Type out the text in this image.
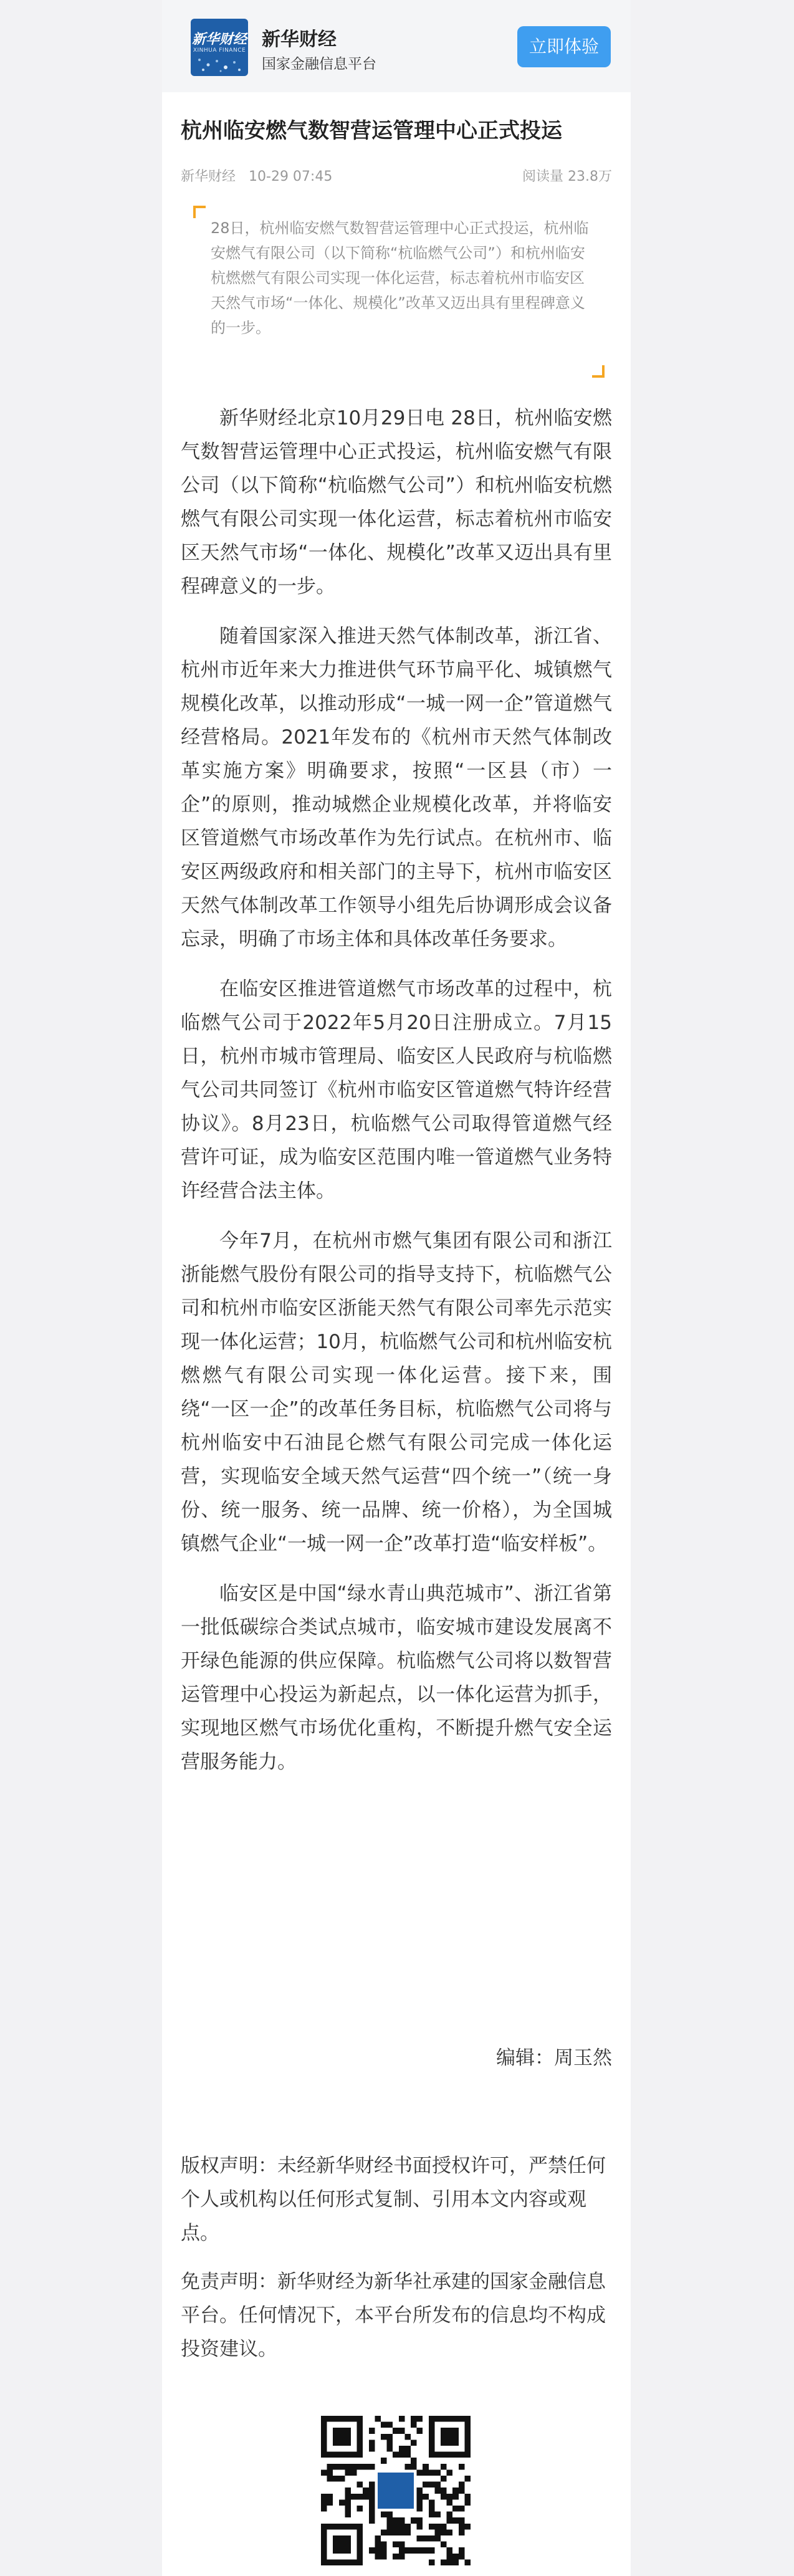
新华财经
XINHUA FINANCE 新华财经
国家金融信息平台
立即体验
杭州临安燃气数智营运管理中心正式投运
新华财经 10-29 07:45	阅读量 23.8万
28日，杭州临安燃气数智营运管理中心正式投运，杭州临安燃气有限公司（以下简称“杭临燃气公司”）和杭州临安杭燃燃气有限公司实现一体化运营，标志着杭州市临安区天然气市场“一体化、规模化”改革又迈出具有里程碑意义的一步。

新华财经北京10月29日电 28日，杭州临安燃气数智营运管理中心正式投运，杭州临安燃气有限公司（以下简称“杭临燃气公司”）和杭州临安杭燃燃气有限公司实现一体化运营，标志着杭州市临安区天然气市场“一体化、规模化”改革又迈出具有里程碑意义的一步。

随着国家深入推进天然气体制改革，浙江省、杭州市近年来大力推进供气环节扁平化、城镇燃气规模化改革，以推动形成“一城一网一企”管道燃气经营格局。2021年发布的《杭州市天然气体制改革实施方案》明确要求，按照“一区县（市）一企”的原则，推动城燃企业规模化改革，并将临安区管道燃气市场改革作为先行试点。在杭州市、临安区两级政府和相关部门的主导下，杭州市临安区天然气体制改革工作领导小组先后协调形成会议备忘录，明确了市场主体和具体改革任务要求。

在临安区推进管道燃气市场改革的过程中，杭临燃气公司于2022年5月20日注册成立。7月15日，杭州市城市管理局、临安区人民政府与杭临燃气公司共同签订《杭州市临安区管道燃气特许经营协议》。8月23日，杭临燃气公司取得管道燃气经营许可证，成为临安区范围内唯一管道燃气业务特许经营合法主体。

今年7月，在杭州市燃气集团有限公司和浙江浙能燃气股份有限公司的指导支持下，杭临燃气公司和杭州市临安区浙能天然气有限公司率先示范实现一体化运营；10月，杭临燃气公司和杭州临安杭燃燃气有限公司实现一体化运营。接下来，围绕“一区一企”的改革任务目标，杭临燃气公司将与杭州临安中石油昆仑燃气有限公司完成一体化运营，实现临安全域天然气运营“四个统一”（统一身份、统一服务、统一品牌、统一价格），为全国城镇燃气企业“一城一网一企”改革打造“临安样板”。

临安区是中国“绿水青山典范城市”、浙江省第一批低碳综合类试点城市，临安城市建设发展离不开绿色能源的供应保障。杭临燃气公司将以数智营运管理中心投运为新起点，以一体化运营为抓手，实现地区燃气市场优化重构，不断提升燃气安全运营服务能力。

编辑：周玉然

版权声明：未经新华财经书面授权许可，严禁任何个人或机构以任何形式复制、引用本文内容或观点。

免责声明：新华财经为新华社承建的国家金融信息平台。任何情况下，本平台所发布的信息均不构成投资建议。
